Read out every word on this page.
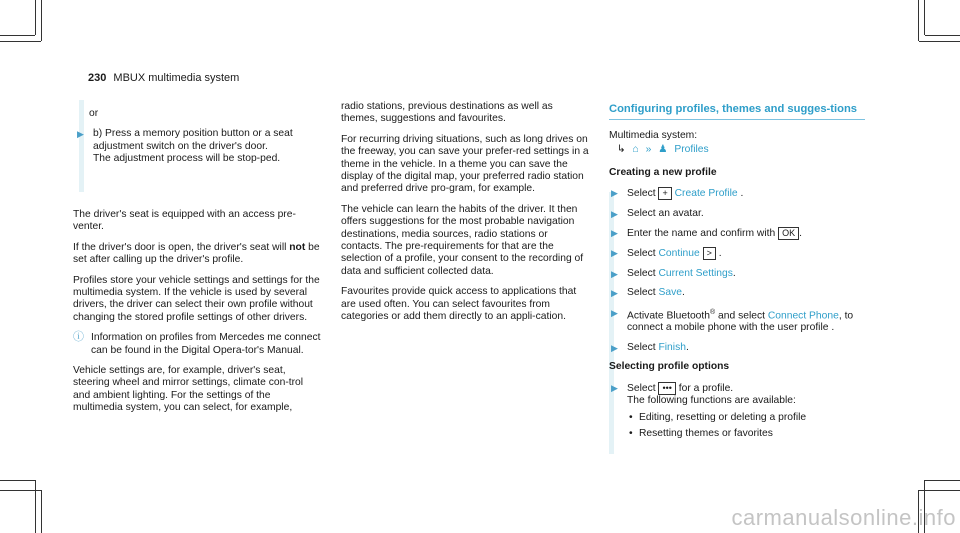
230 MBUX multimedia system

or

▶ b) Press a memory position button or a seat adjustment switch on the driver's door.
The adjustment process will be stop-ped.

The driver's seat is equipped with an access pre-venter.

If the driver's door is open, the driver's seat will not be set after calling up the driver's profile.

Profiles store your vehicle settings and settings for the multimedia system. If the vehicle is used by several drivers, the driver can select their own profile without changing the stored profile settings of other drivers.

ⓘ Information on profiles from Mercedes me connect can be found in the Digital Opera-tor's Manual.

Vehicle settings are, for example, driver's seat, steering wheel and mirror settings, climate con-trol and ambient lighting. For the settings of the multimedia system, you can select, for example,

radio stations, previous destinations as well as themes, suggestions and favourites.

For recurring driving situations, such as long drives on the freeway, you can save your prefer-red settings in a theme in the vehicle. In a theme you can save the display of the digital map, your preferred radio station and preferred drive pro-gram, for example.

The vehicle can learn the habits of the driver. It then offers suggestions for the most probable navigation destinations, media sources, radio stations or contacts. The pre-requirements for that are the selection of a profile, your consent to the recording of data and sufficient collected data.

Favourites provide quick access to applications that are used often. You can select favourites from categories or add them directly to an appli-cation.

Configuring profiles, themes and sugges-tions

Multimedia system:

↳ ⌂ » ♟ Profiles
Creating a new profile
▶ Select + Create Profile .
▶ Select an avatar.
▶ Enter the name and confirm with OK .
▶ Select Continue > .
▶ Select Current Settings.
▶ Select Save.
▶ Activate Bluetooth® and select Connect Phone, to connect a mobile phone with the user profile .
▶ Select Finish.
Selecting profile options
▶ Select ••• for a profile.
The following functions are available:
• Editing, resetting or deleting a profile
• Resetting themes or favorites
carmanualsonline.info
